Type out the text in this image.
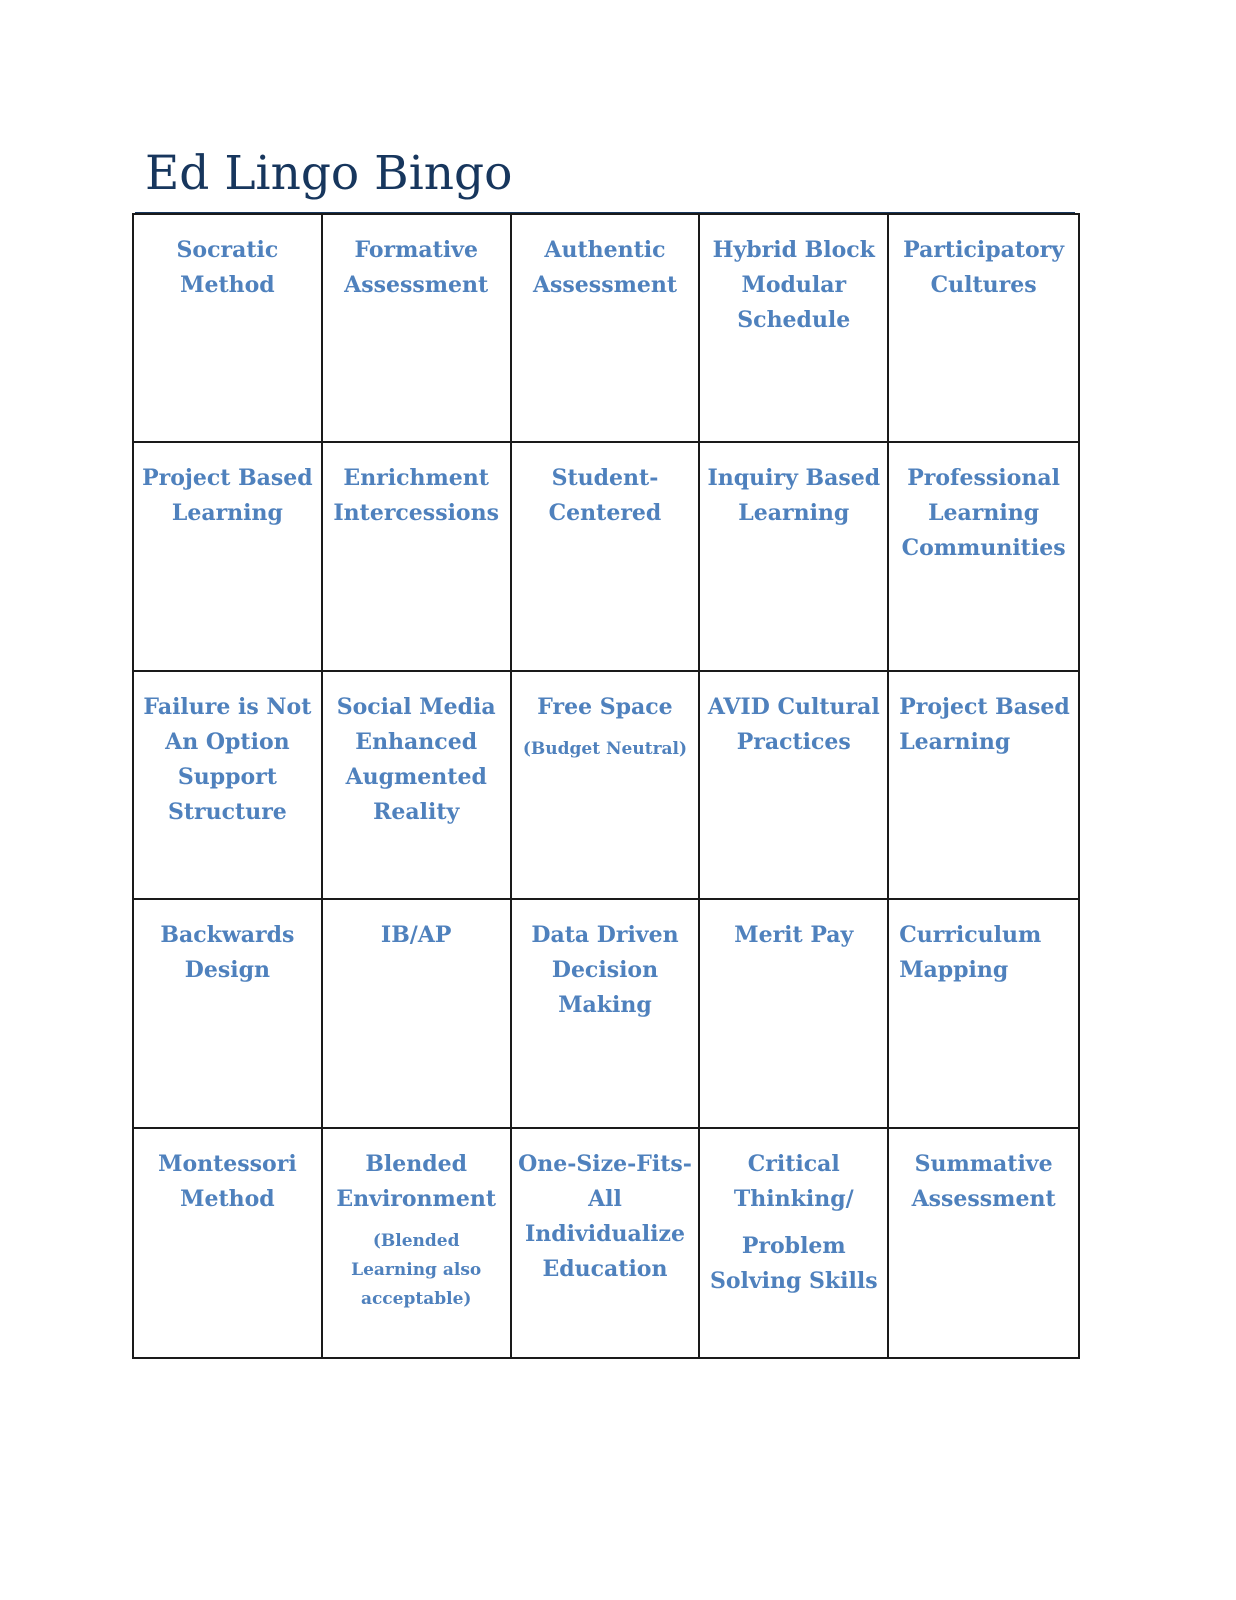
Ed Lingo Bingo
Socratic
Method
Formative
Assessment
Authentic
Assessment
Hybrid Block
Modular
Schedule
Participatory
Cultures
Project Based
Learning
Enrichment
Intercessions
Student-
Centered
Inquiry Based
Learning
Professional
Learning
Communities
Failure is Not
An Option
Support
Structure
Social Media
Enhanced
Augmented
Reality
Free Space
(Budget Neutral)
AVID Cultural
Practices
Project Based
Learning
Backwards
Design
IB/AP	Data Driven
Decision
Making
Merit Pay	Curriculum
Mapping
Montessori
Method
Blended
Environment
(Blended
Learning also
acceptable)
One-Size-Fits-
All
Individualize
Education
Critical
Thinking/
Problem
Solving Skills
Summative
Assessment
